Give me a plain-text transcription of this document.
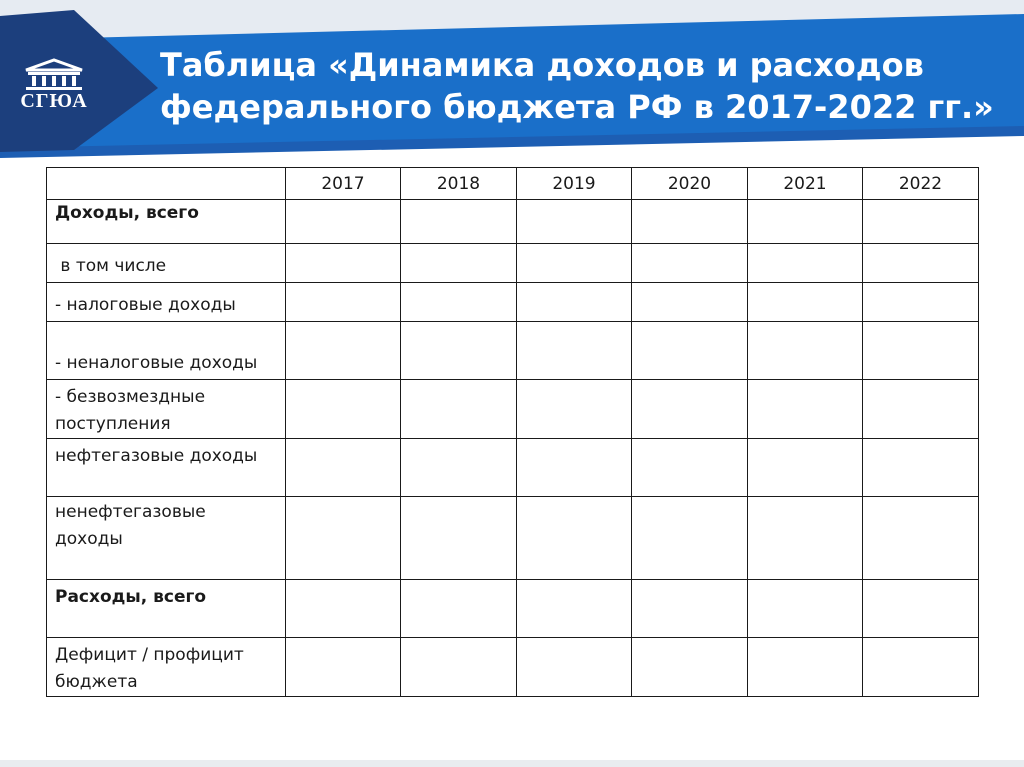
СГЮА
Таблица «Динамика доходов и расходов
федерального бюджета РФ в 2017-2022 гг.»
	2017	2018	2019	2020	2021	2022
Доходы, всего						
в том числе						
- налоговые доходы						
- неналоговые доходы						
- безвозмездные поступления						
нефтегазовые доходы						
ненефтегазовые доходы						
Расходы, всего						
Дефицит / профицит бюджета						
